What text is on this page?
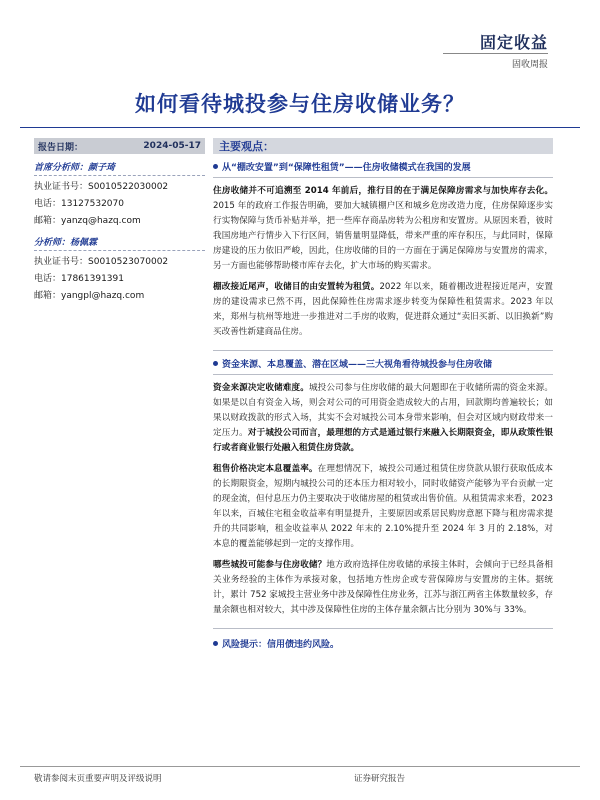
固定收益
固收周报
如何看待城投参与住房收储业务？
报告日期：	2024-05-17
首席分析师：颜子琦
执业证书号：S0010522030002
电话：13127532070
邮箱：yanzq@hazq.com
分析师：杨佩霖
执业证书号：S0010523070002
电话：17861391391
邮箱：yangpl@hazq.com
主要观点：
从“棚改安置”到“保障性租赁”——住房收储模式在我国的发展
住房收储并不可追溯至 2014 年前后，推行目的在于满足保障房需求与加快库存去化。2015 年的政府工作报告明确，要加大城镇棚户区和城乡危房改造力度，住房保障逐步实行实物保障与货币补贴并举，把一些库存商品房转为公租房和安置房。从原因来看，彼时我国房地产行情步入下行区间，销售量明显降低，带来严重的库存积压，与此同时，保障房建设的压力依旧严峻，因此，住房收储的目的一方面在于满足保障房与安置房的需求，另一方面也能够帮助楼市库存去化，扩大市场的购买需求。
棚改接近尾声，收储目的由安置转为租赁。2022 年以来，随着棚改进程接近尾声，安置房的建设需求已然不再，因此保障性住房需求逐步转变为保障性租赁需求。2023 年以来，郑州与杭州等地进一步推进对二手房的收购，促进群众通过“卖旧买新、以旧换新”购买改善性新建商品住房。
资金来源、本息覆盖、潜在区域——三大视角看待城投参与住房收储
资金来源决定收储难度。城投公司参与住房收储的最大问题即在于收储所需的资金来源。如果是以自有资金入场，则会对公司的可用资金造成较大的占用，回款期均普遍较长；如果以财政拨款的形式入场，其实不会对城投公司本身带来影响，但会对区域内财政带来一定压力。对于城投公司而言，最理想的方式是通过银行来融入长期限资金，即从政策性银行或者商业银行处融入租赁住房贷款。
租售价格决定本息覆盖率。在理想情况下，城投公司通过租赁住房贷款从银行获取低成本的长期限资金，短期内城投公司的还本压力相对较小，同时收储资产能够为平台贡献一定的现金流，但付息压力仍主要取决于收储房屋的租赁或出售价值。从租赁需求来看，2023 年以来，百城住宅租金收益率有明显提升，主要原因或系居民购房意愿下降与租房需求提升的共同影响，租金收益率从 2022 年末的 2.10%提升至 2024 年 3 月的 2.18%，对本息的覆盖能够起到一定的支撑作用。
哪些城投可能参与住房收储？地方政府选择住房收储的承接主体时，会倾向于已经具备相关业务经验的主体作为承接对象，包括地方性房企或专营保障房与安置房的主体。据统计，累计 752 家城投主营业务中涉及保障性住房业务，江苏与浙江两省主体数量较多，存量余额也相对较大，其中涉及保障性住房的主体存量余额占比分别为 30%与 33%。
风险提示：信用债违约风险。
敬请参阅末页重要声明及评级说明	证券研究报告
